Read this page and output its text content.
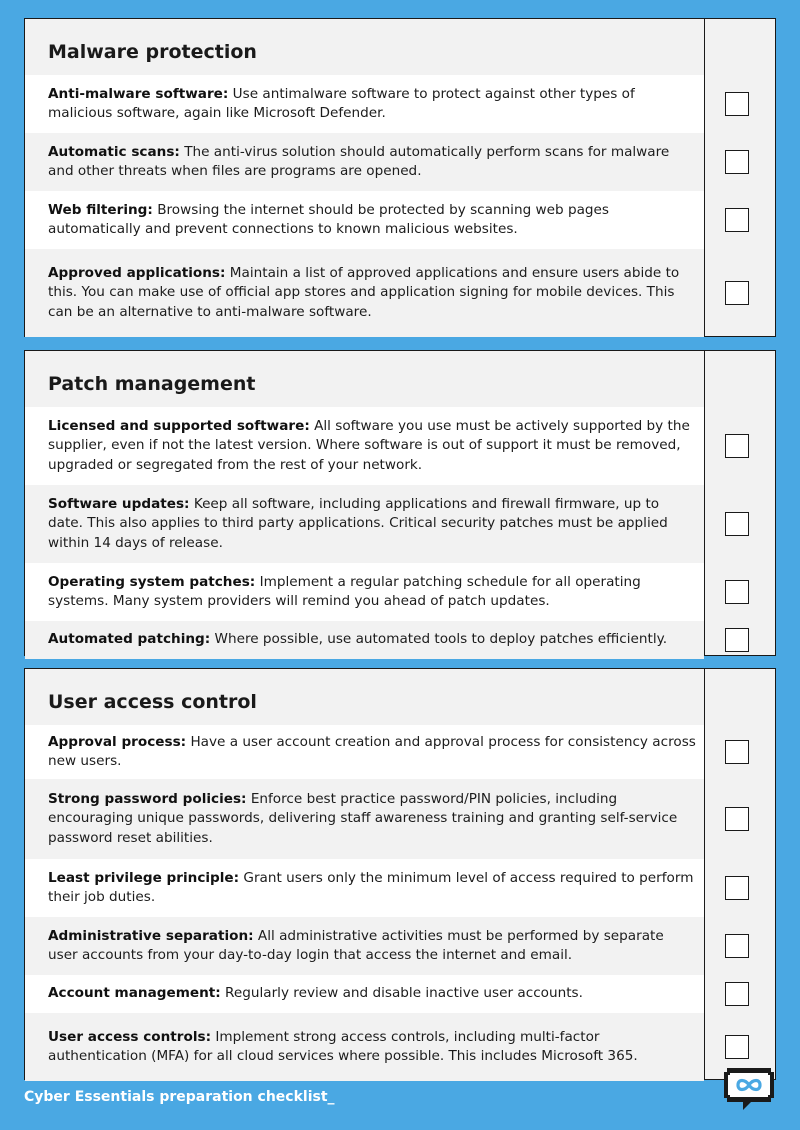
Malware protection

Anti-malware software: Use antimalware software to protect against other types of malicious software, again like Microsoft Defender.

Automatic scans: The anti-virus solution should automatically perform scans for malware and other threats when files are programs are opened.

Web filtering: Browsing the internet should be protected by scanning web pages automatically and prevent connections to known malicious websites.

Approved applications: Maintain a list of approved applications and ensure users abide to this. You can make use of official app stores and application signing for mobile devices. This can be an alternative to anti-malware software.

Patch management

Licensed and supported software: All software you use must be actively supported by the supplier, even if not the latest version. Where software is out of support it must be removed, upgraded or segregated from the rest of your network.

Software updates: Keep all software, including applications and firewall firmware, up to date. This also applies to third party applications. Critical security patches must be applied within 14 days of release.

Operating system patches: Implement a regular patching schedule for all operating systems. Many system providers will remind you ahead of patch updates.

Automated patching: Where possible, use automated tools to deploy patches efficiently.

User access control

Approval process: Have a user account creation and approval process for consistency across new users.

Strong password policies: Enforce best practice password/PIN policies, including encouraging unique passwords, delivering staff awareness training and granting self-service password reset abilities.

Least privilege principle: Grant users only the minimum level of access required to perform their job duties.

Administrative separation: All administrative activities must be performed by separate user accounts from your day-to-day login that access the internet and email.

Account management: Regularly review and disable inactive user accounts.

User access controls: Implement strong access controls, including multi-factor authentication (MFA) for all cloud services where possible. This includes Microsoft 365.

Cyber Essentials preparation checklist_
